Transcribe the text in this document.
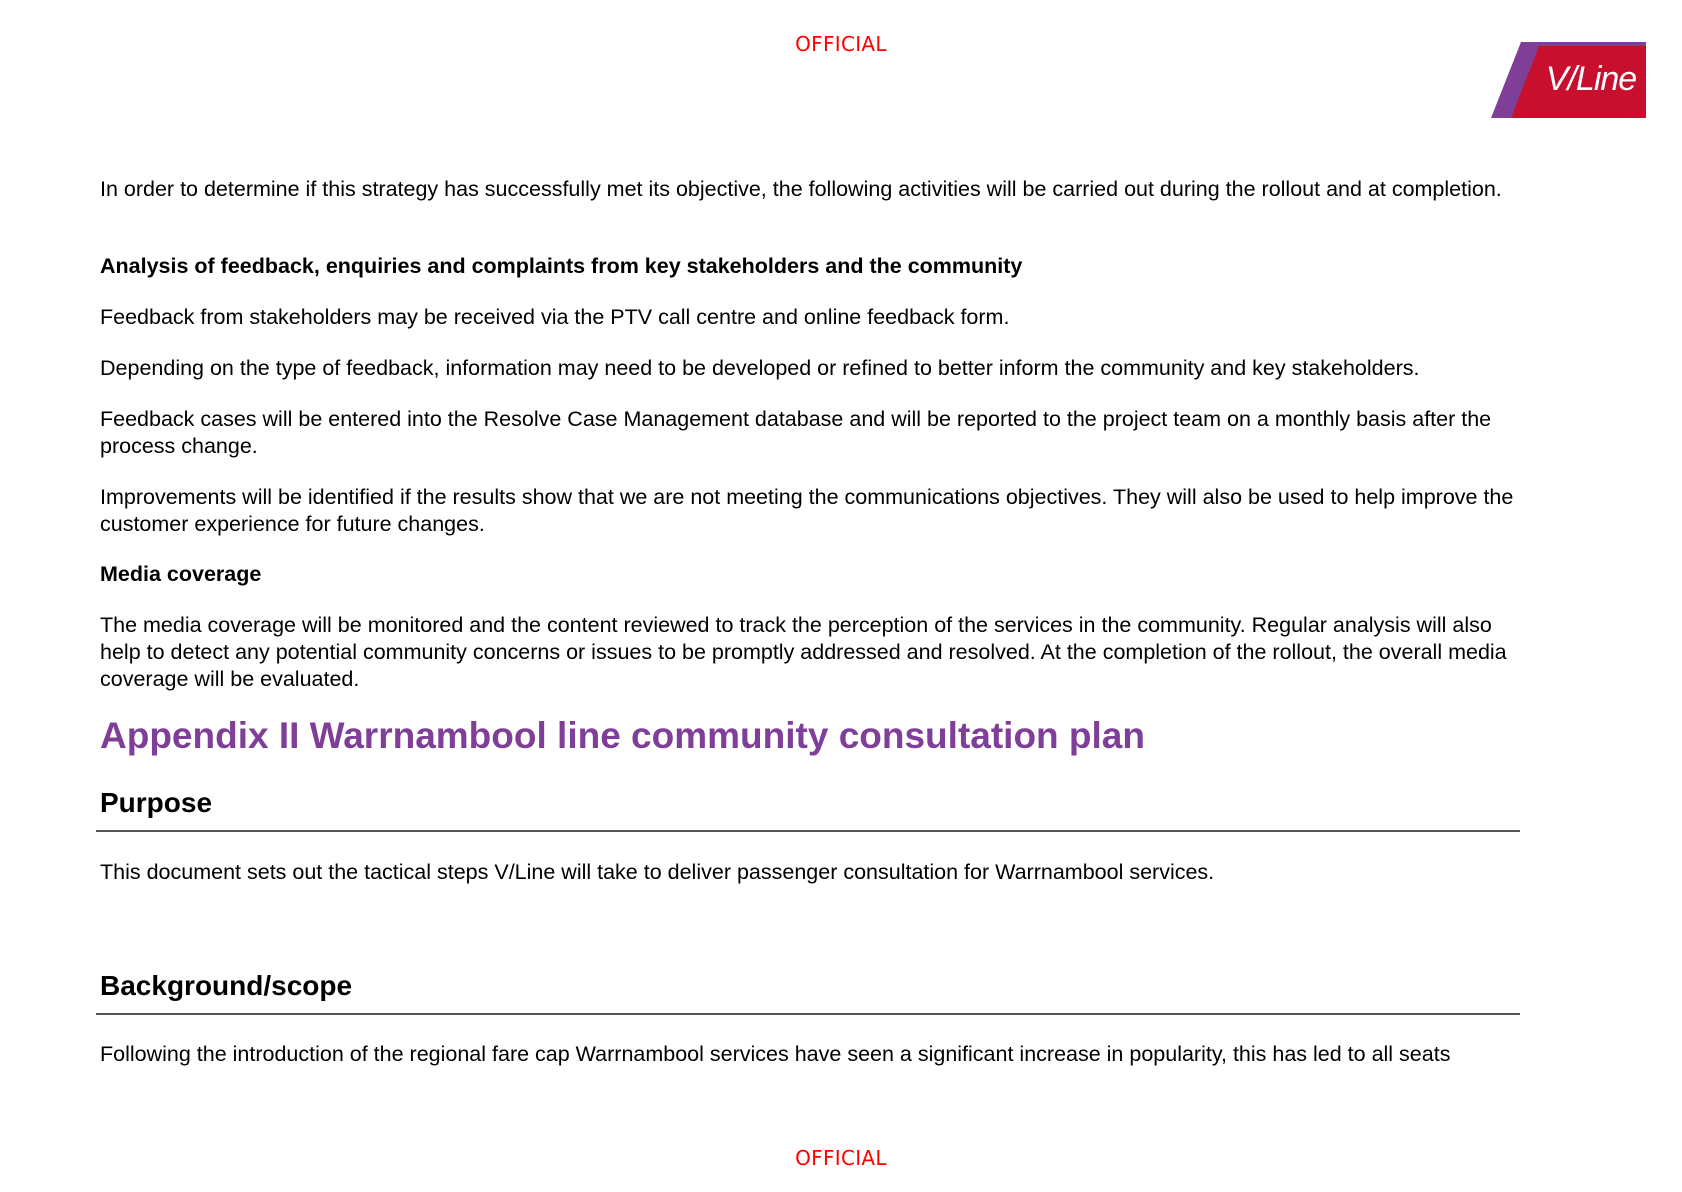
OFFICIAL
V/Line
In order to determine if this strategy has successfully met its objective, the following activities will be carried out during the rollout and at completion.
Analysis of feedback, enquiries and complaints from key stakeholders and the community
Feedback from stakeholders may be received via the PTV call centre and online feedback form.
Depending on the type of feedback, information may need to be developed or refined to better inform the community and key stakeholders.
Feedback cases will be entered into the Resolve Case Management database and will be reported to the project team on a monthly basis after the process change.
Improvements will be identified if the results show that we are not meeting the communications objectives. They will also be used to help improve the customer experience for future changes.
Media coverage
The media coverage will be monitored and the content reviewed to track the perception of the services in the community. Regular analysis will also help to detect any potential community concerns or issues to be promptly addressed and resolved. At the completion of the rollout, the overall media coverage will be evaluated.
Appendix II Warrnambool line community consultation plan
Purpose
This document sets out the tactical steps V/Line will take to deliver passenger consultation for Warrnambool services.
Background/scope
Following the introduction of the regional fare cap Warrnambool services have seen a significant increase in popularity, this has led to all seats
OFFICIAL
